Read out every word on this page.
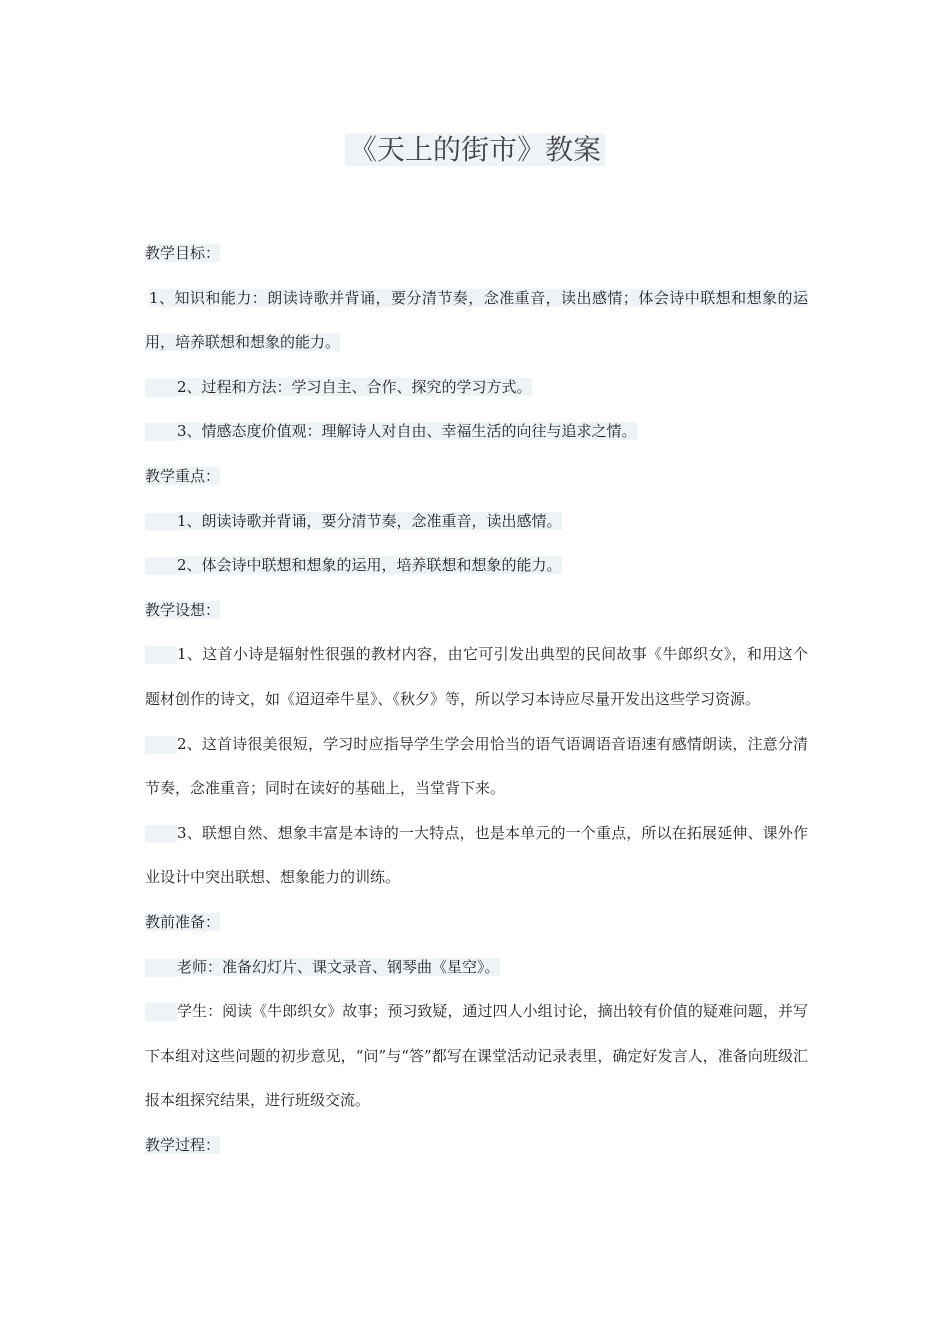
《天上的街市》教案

教学目标：

1、知识和能力：朗读诗歌并背诵，要分清节奏，念准重音，读出感情；体会诗中联想和想象的运用，培养联想和想象的能力。

2、过程和方法：学习自主、合作、探究的学习方式。

3、情感态度价值观：理解诗人对自由、幸福生活的向往与追求之情。

教学重点：

1、朗读诗歌并背诵，要分清节奏，念准重音，读出感情。

2、体会诗中联想和想象的运用，培养联想和想象的能力。

教学设想：

1、这首小诗是辐射性很强的教材内容，由它可引发出典型的民间故事《牛郎织女》，和用这个题材创作的诗文，如《迢迢牵牛星》、《秋夕》等，所以学习本诗应尽量开发出这些学习资源。

2、这首诗很美很短，学习时应指导学生学会用恰当的语气语调语音语速有感情朗读，注意分清节奏，念准重音；同时在读好的基础上，当堂背下来。

3、联想自然、想象丰富是本诗的一大特点，也是本单元的一个重点，所以在拓展延伸、课外作业设计中突出联想、想象能力的训练。

教前准备：

老师：准备幻灯片、课文录音、钢琴曲《星空》。

学生：阅读《牛郎织女》故事；预习致疑，通过四人小组讨论，摘出较有价值的疑难问题，并写下本组对这些问题的初步意见，“问”与“答”都写在课堂活动记录表里，确定好发言人，准备向班级汇报本组探究结果，进行班级交流。

教学过程：
